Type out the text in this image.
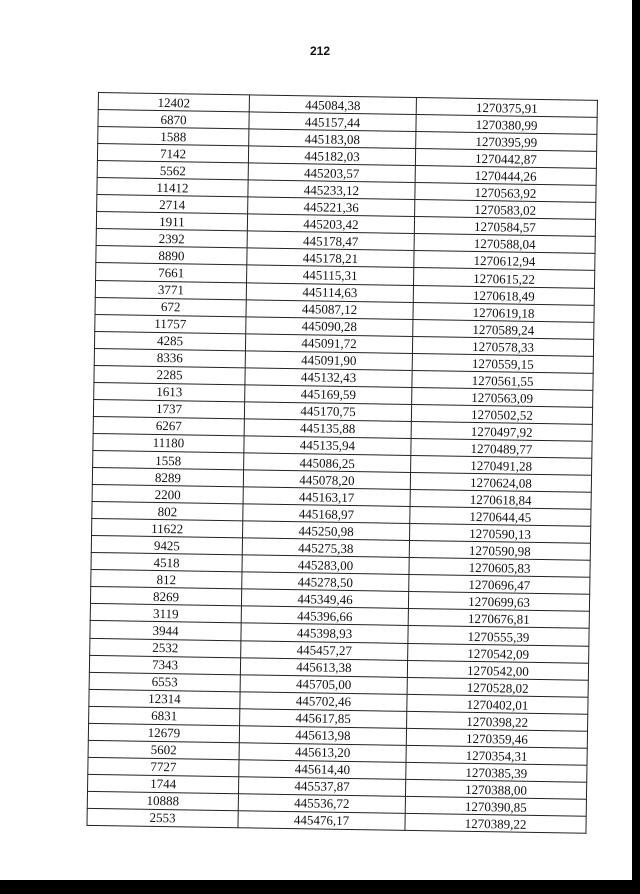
212
12402	445084,38	1270375,91
6870	445157,44	1270380,99
1588	445183,08	1270395,99
7142	445182,03	1270442,87
5562	445203,57	1270444,26
11412	445233,12	1270563,92
2714	445221,36	1270583,02
1911	445203,42	1270584,57
2392	445178,47	1270588,04
8890	445178,21	1270612,94
7661	445115,31	1270615,22
3771	445114,63	1270618,49
672	445087,12	1270619,18
11757	445090,28	1270589,24
4285	445091,72	1270578,33
8336	445091,90	1270559,15
2285	445132,43	1270561,55
1613	445169,59	1270563,09
1737	445170,75	1270502,52
6267	445135,88	1270497,92
11180	445135,94	1270489,77
1558	445086,25	1270491,28
8289	445078,20	1270624,08
2200	445163,17	1270618,84
802	445168,97	1270644,45
11622	445250,98	1270590,13
9425	445275,38	1270590,98
4518	445283,00	1270605,83
812	445278,50	1270696,47
8269	445349,46	1270699,63
3119	445396,66	1270676,81
3944	445398,93	1270555,39
2532	445457,27	1270542,09
7343	445613,38	1270542,00
6553	445705,00	1270528,02
12314	445702,46	1270402,01
6831	445617,85	1270398,22
12679	445613,98	1270359,46
5602	445613,20	1270354,31
7727	445614,40	1270385,39
1744	445537,87	1270388,00
10888	445536,72	1270390,85
2553	445476,17	1270389,22
